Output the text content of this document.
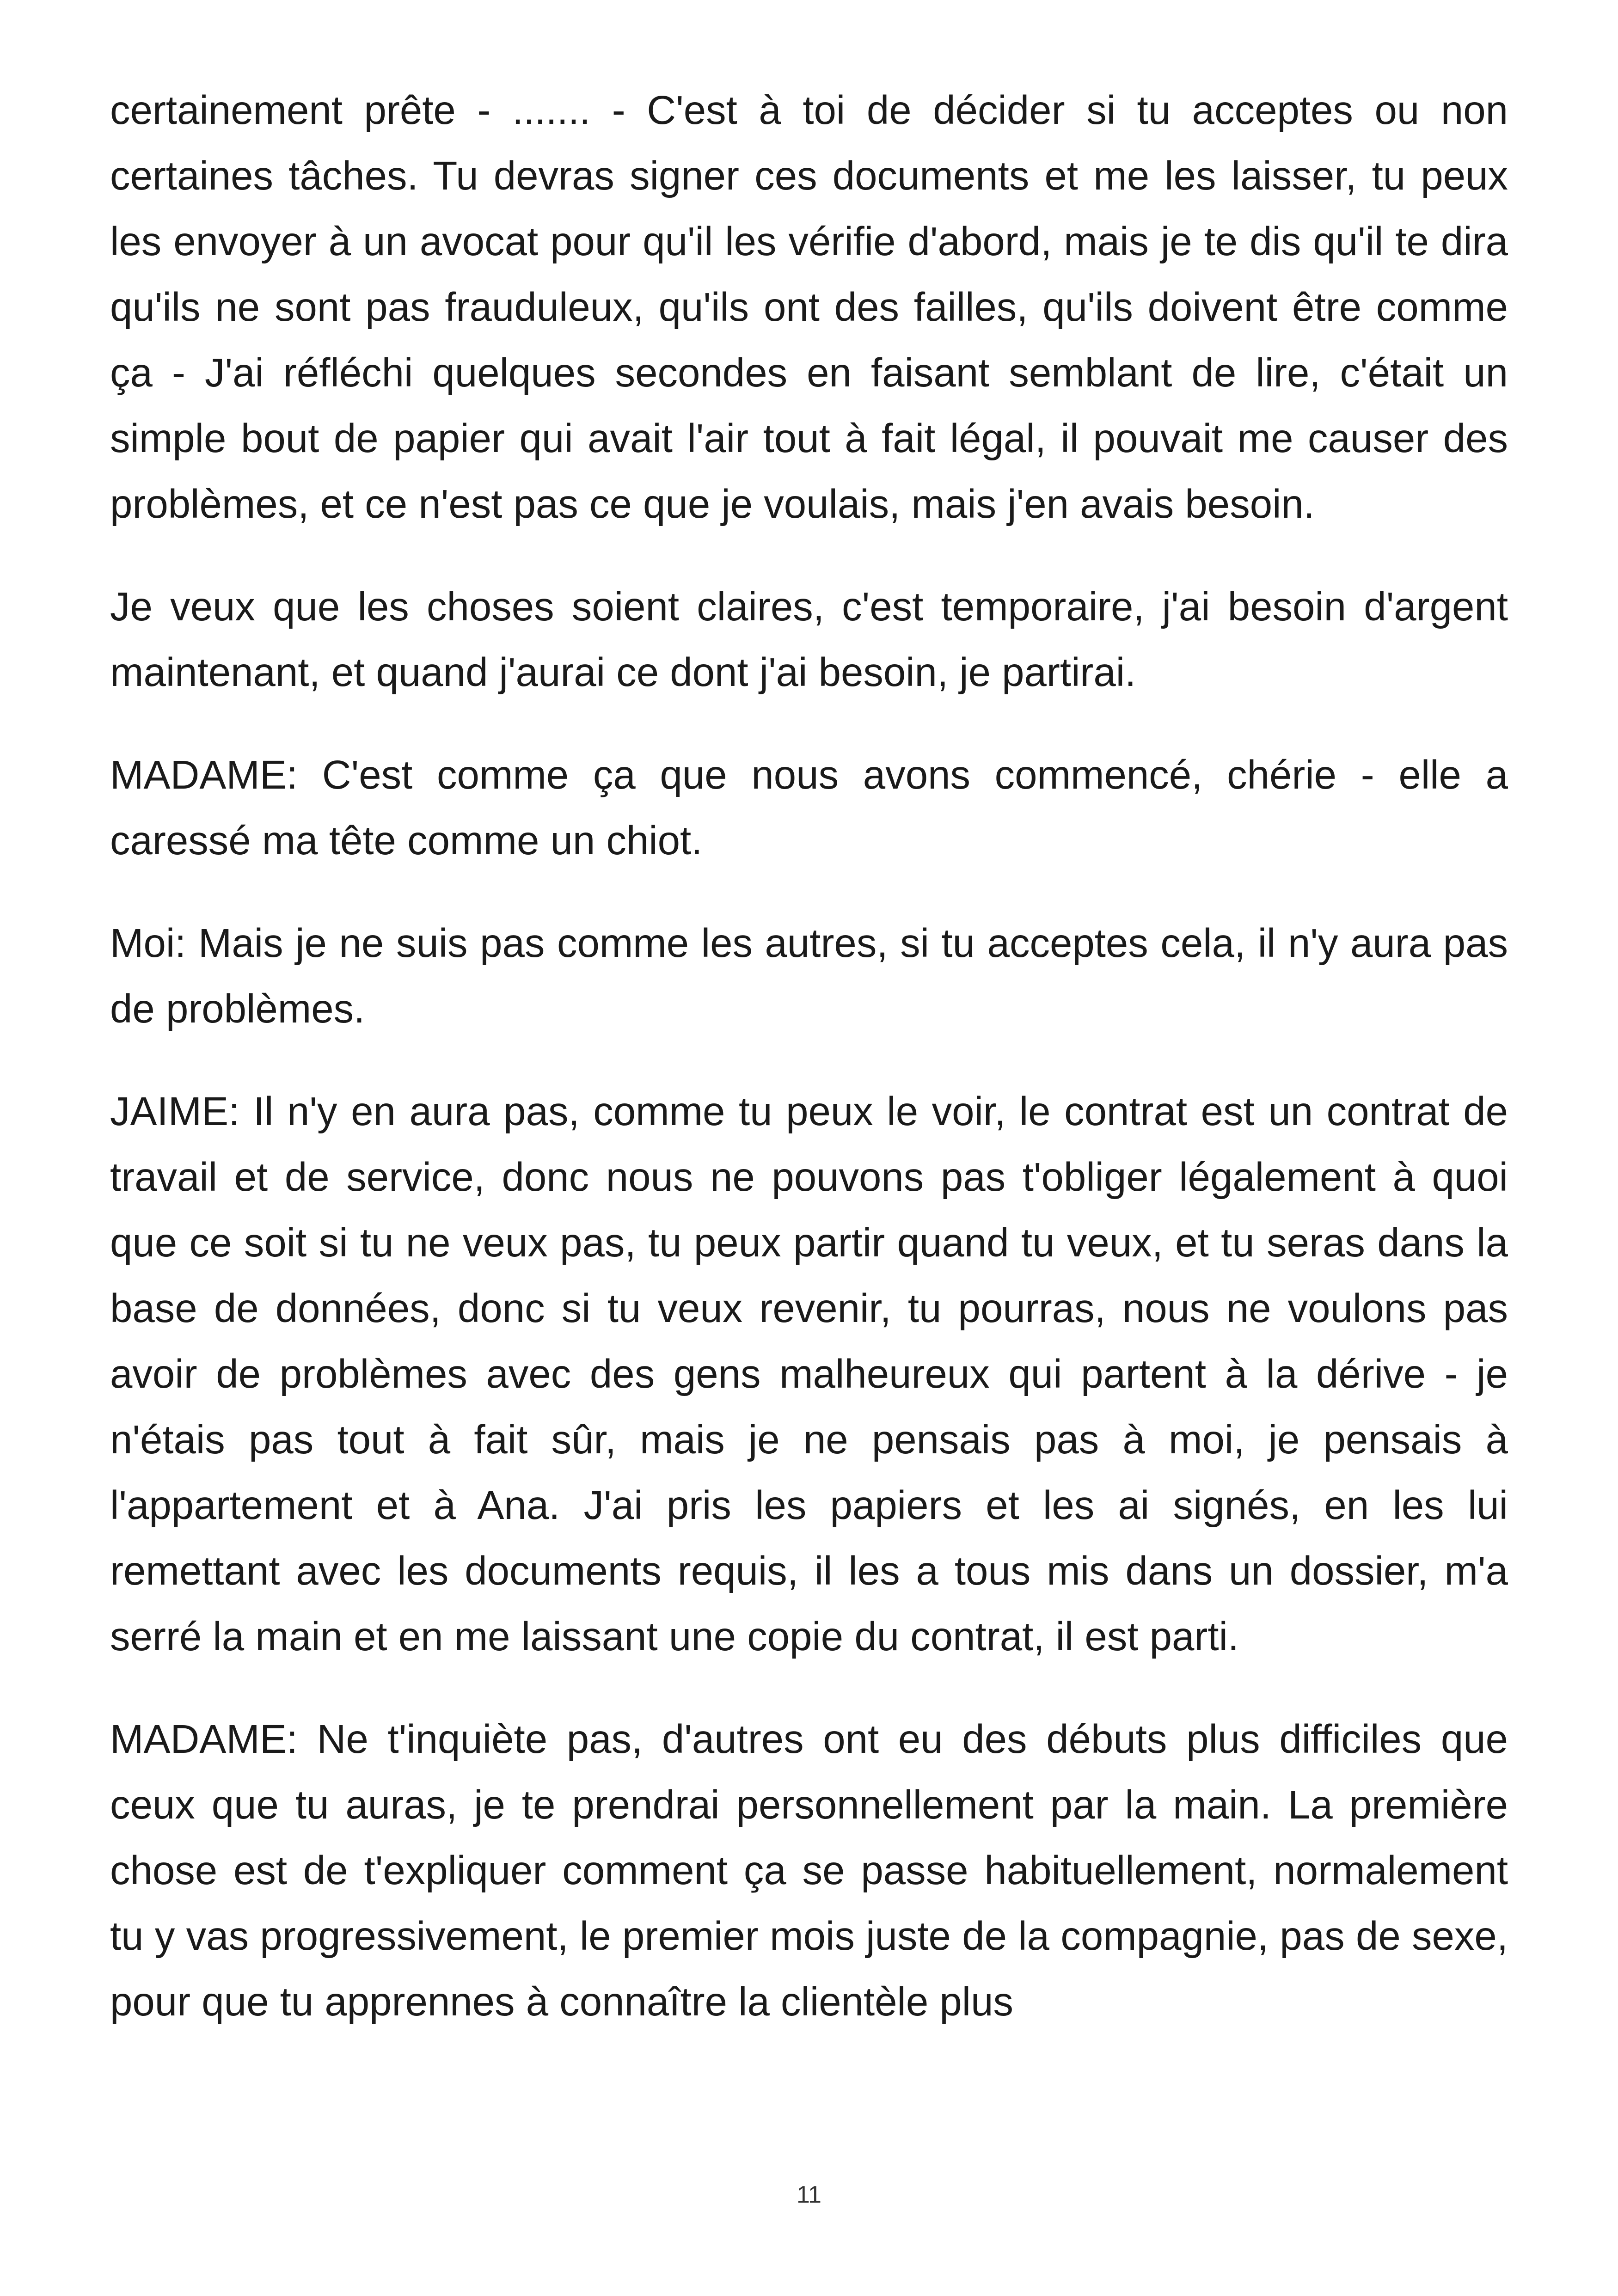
certainement prête - ....... - C'est à toi de décider si tu acceptes ou non certaines tâches. Tu devras signer ces documents et me les laisser, tu peux les envoyer à un avocat pour qu'il les vérifie d'abord, mais je te dis qu'il te dira qu'ils ne sont pas frauduleux, qu'ils ont des failles, qu'ils doivent être comme ça - J'ai réfléchi quelques secondes en faisant semblant de lire, c'était un simple bout de papier qui avait l'air tout à fait légal, il pouvait me causer des problèmes, et ce n'est pas ce que je voulais, mais j'en avais besoin.

Je veux que les choses soient claires, c'est temporaire, j'ai besoin d'argent maintenant, et quand j'aurai ce dont j'ai besoin, je partirai.

MADAME: C'est comme ça que nous avons commencé, chérie - elle a caressé ma tête comme un chiot.

Moi: Mais je ne suis pas comme les autres, si tu acceptes cela, il n'y aura pas de problèmes.

JAIME: Il n'y en aura pas, comme tu peux le voir, le contrat est un contrat de travail et de service, donc nous ne pouvons pas t'obliger légalement à quoi que ce soit si tu ne veux pas, tu peux partir quand tu veux, et tu seras dans la base de données, donc si tu veux revenir, tu pourras, nous ne voulons pas avoir de problèmes avec des gens malheureux qui partent à la dérive - je n'étais pas tout à fait sûr, mais je ne pensais pas à moi, je pensais à l'appartement et à Ana. J'ai pris les papiers et les ai signés, en les lui remettant avec les documents requis, il les a tous mis dans un dossier, m'a serré la main et en me laissant une copie du contrat, il est parti.

MADAME: Ne t'inquiète pas, d'autres ont eu des débuts plus difficiles que ceux que tu auras, je te prendrai personnellement par la main. La première chose est de t'expliquer comment ça se passe habituellement, normalement tu y vas progressivement, le premier mois juste de la compagnie, pas de sexe, pour que tu apprennes à connaître la clientèle plus

11
